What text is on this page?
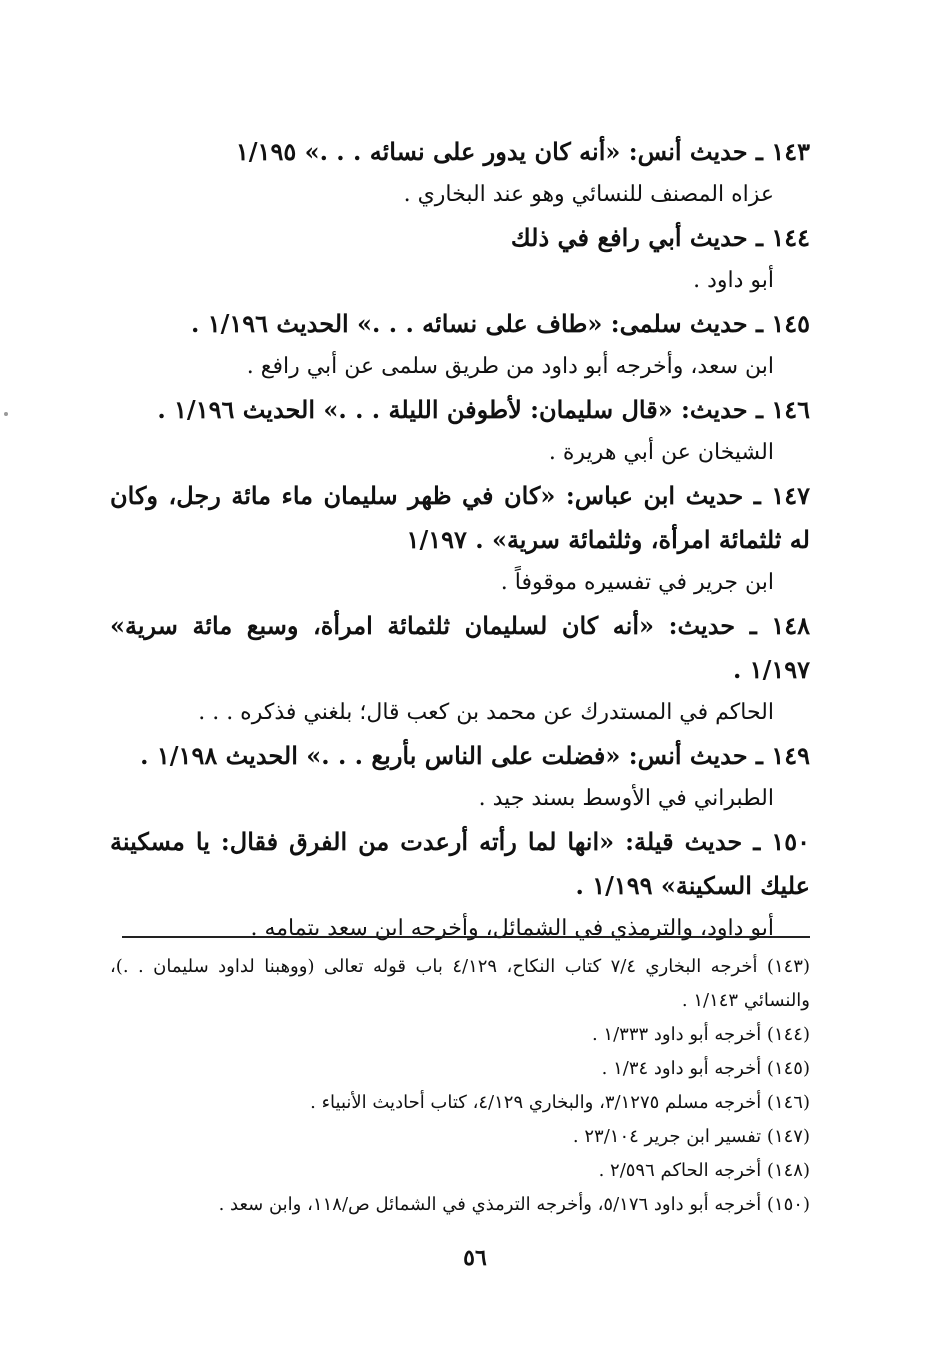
١٤٣ ـ حديث أنس: «أنه كان يدور على نسائه . . .» ١/١٩٥

عزاه المصنف للنسائي وهو عند البخاري .

١٤٤ ـ حديث أبي رافع في ذلك

أبو داود .

١٤٥ ـ حديث سلمى: «طاف على نسائه . . .» الحديث ١/١٩٦ .

ابن سعد، وأخرجه أبو داود من طريق سلمى عن أبي رافع .

١٤٦ ـ حديث: «قال سليمان: لأطوفن الليلة . . .» الحديث ١/١٩٦ .

الشيخان عن أبي هريرة .

١٤٧ ـ حديث ابن عباس: «كان في ظهر سليمان ماء مائة رجل، وكان له ثلثمائة امرأة، وثلثمائة سرية» . ١/١٩٧

ابن جرير في تفسيره موقوفاً .

١٤٨ ـ حديث: «أنه كان لسليمان ثلثمائة امرأة، وسبع مائة سرية» ١/١٩٧ .

الحاكم في المستدرك عن محمد بن كعب قال؛ بلغني فذكره . . .

١٤٩ ـ حديث أنس: «فضلت على الناس بأربع . . .» الحديث ١/١٩٨ .

الطبراني في الأوسط بسند جيد .

١٥٠ ـ حديث قيلة: «انها لما رأته أرعدت من الفرق فقال: يا مسكينة عليك السكينة» ١/١٩٩ .

أبو داود، والترمذي في الشمائل، وأخرجه ابن سعد بتمامه .

(١٤٣) أخرجه البخاري ٧/٤ كتاب النكاح، ٤/١٢٩ باب قوله تعالى (ووهبنا لداود سليمان . .)، والنسائي ١/١٤٣ .

(١٤٤) أخرجه أبو داود ١/٣٣٣ .

(١٤٥) أخرجه أبو داود ١/٣٤ .

(١٤٦) أخرجه مسلم ٣/١٢٧٥، والبخاري ٤/١٢٩، كتاب أحاديث الأنبياء .

(١٤٧) تفسير ابن جرير ٢٣/١٠٤ .

(١٤٨) أخرجه الحاكم ٢/٥٩٦ .

(١٥٠) أخرجه أبو داود ٥/١٧٦، وأخرجه الترمذي في الشمائل ص/١١٨، وابن سعد .

٥٦
